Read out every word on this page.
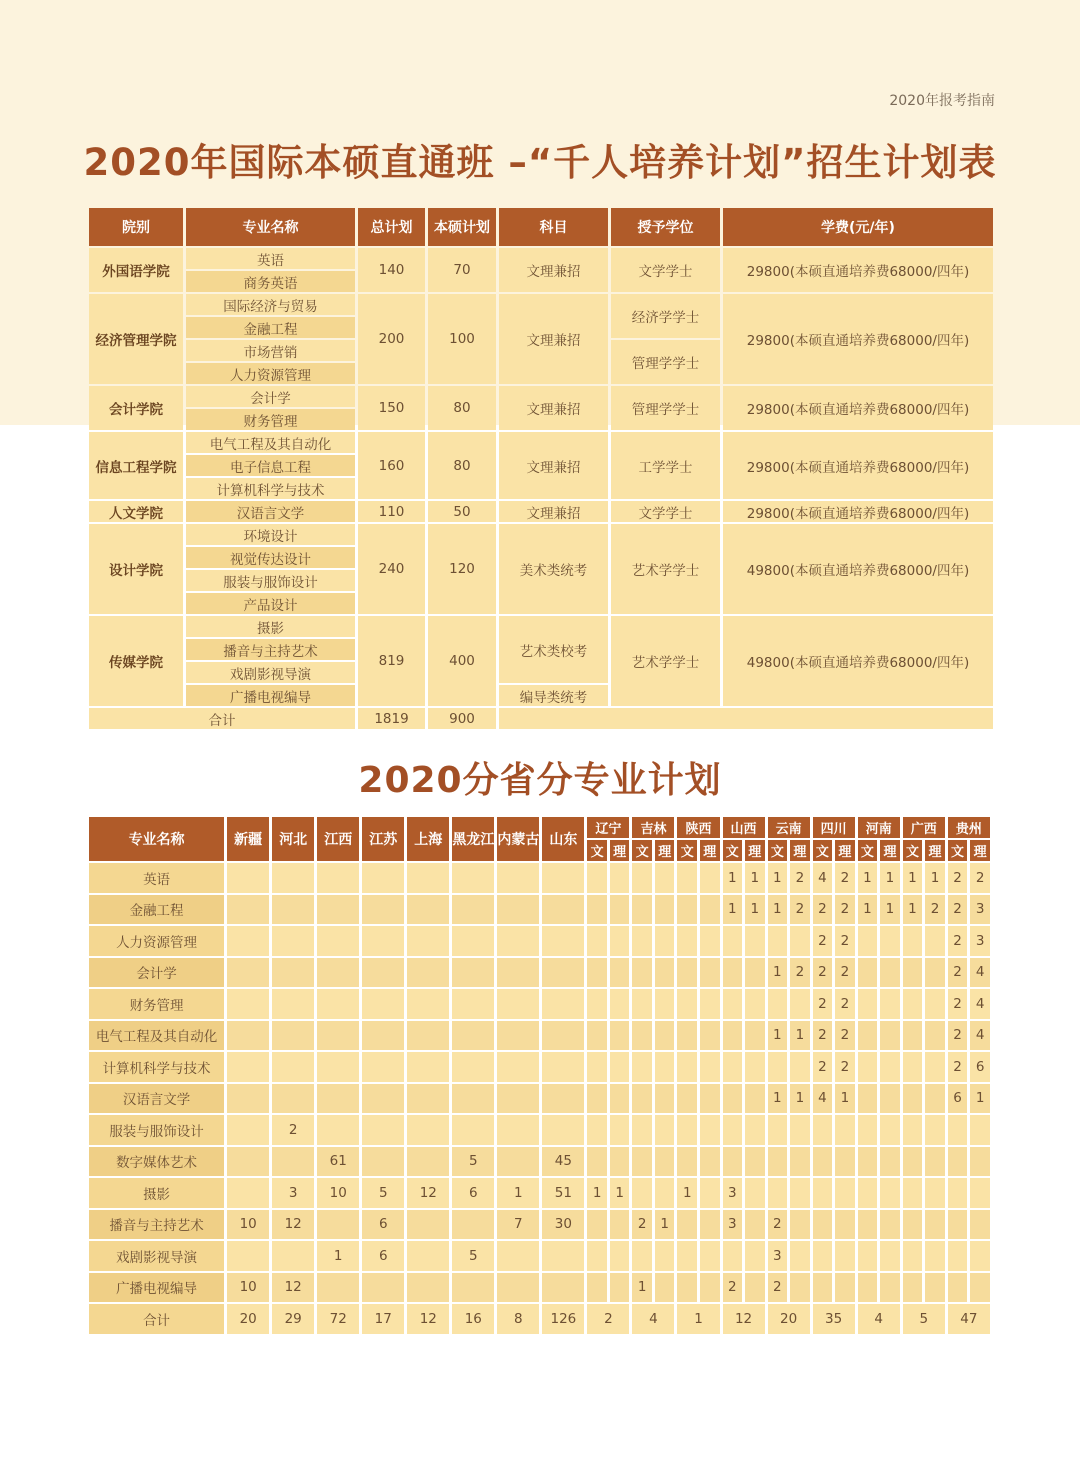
2020年报考指南
2020年国际本硕直通班 –“千人培养计划”招生计划表
院别	专业名称	总计划	本硕计划	科目	授予学位	学费(元/年)
外国语学院	英语	140	70	文理兼招	文学学士	29800(本硕直通培养费68000/四年)
	商务英语					
经济管理学院	国际经济与贸易	200	100	文理兼招	经济学学士	29800(本硕直通培养费68000/四年)
	金融工程					
	市场营销				管理学学士	
	人力资源管理					
会计学院	会计学	150	80	文理兼招	管理学学士	29800(本硕直通培养费68000/四年)
	财务管理					
信息工程学院	电气工程及其自动化	160	80	文理兼招	工学学士	29800(本硕直通培养费68000/四年)
	电子信息工程					
	计算机科学与技术					
人文学院	汉语言文学	110	50	文理兼招	文学学士	29800(本硕直通培养费68000/四年)
设计学院	环境设计	240	120	美术类统考	艺术学学士	49800(本硕直通培养费68000/四年)
	视觉传达设计					
	服装与服饰设计					
	产品设计					
传媒学院	摄影	819	400	艺术类校考	艺术学学士	49800(本硕直通培养费68000/四年)
	播音与主持艺术					
	戏剧影视导演					
	广播电视编导			编导类统考		
合计		1819	900			
2020分省分专业计划
专业名称	新疆	河北	江西	江苏	上海	黑龙江	内蒙古	山东	辽宁		吉林		陕西		山西		云南		四川		河南		广西		贵州	
									文	理	文	理	文	理	文	理	文	理	文	理	文	理	文	理	文	理
英语															1	1	1	2	4	2	1	1	1	1	2	2
金融工程															1	1	1	2	2	2	1	1	1	2	2	3
人力资源管理																			2	2					2	3
会计学																	1	2	2	2					2	4
财务管理																			2	2					2	4
电气工程及其自动化																	1	1	2	2					2	4
计算机科学与技术																			2	2					2	6
汉语言文学																	1	1	4	1					6	1
服装与服饰设计		2																								
数字媒体艺术			61			5		45																		
摄影		3	10	5	12	6	1	51	1	1			1		3											
播音与主持艺术	10	12		6			7	30			2	1			3		2									
戏剧影视导演			1	6		5											3									
广播电视编导	10	12									1				2		2									
合计	20	29	72	17	12	16	8	126	2		4		1		12		20		35		4		5		47	
